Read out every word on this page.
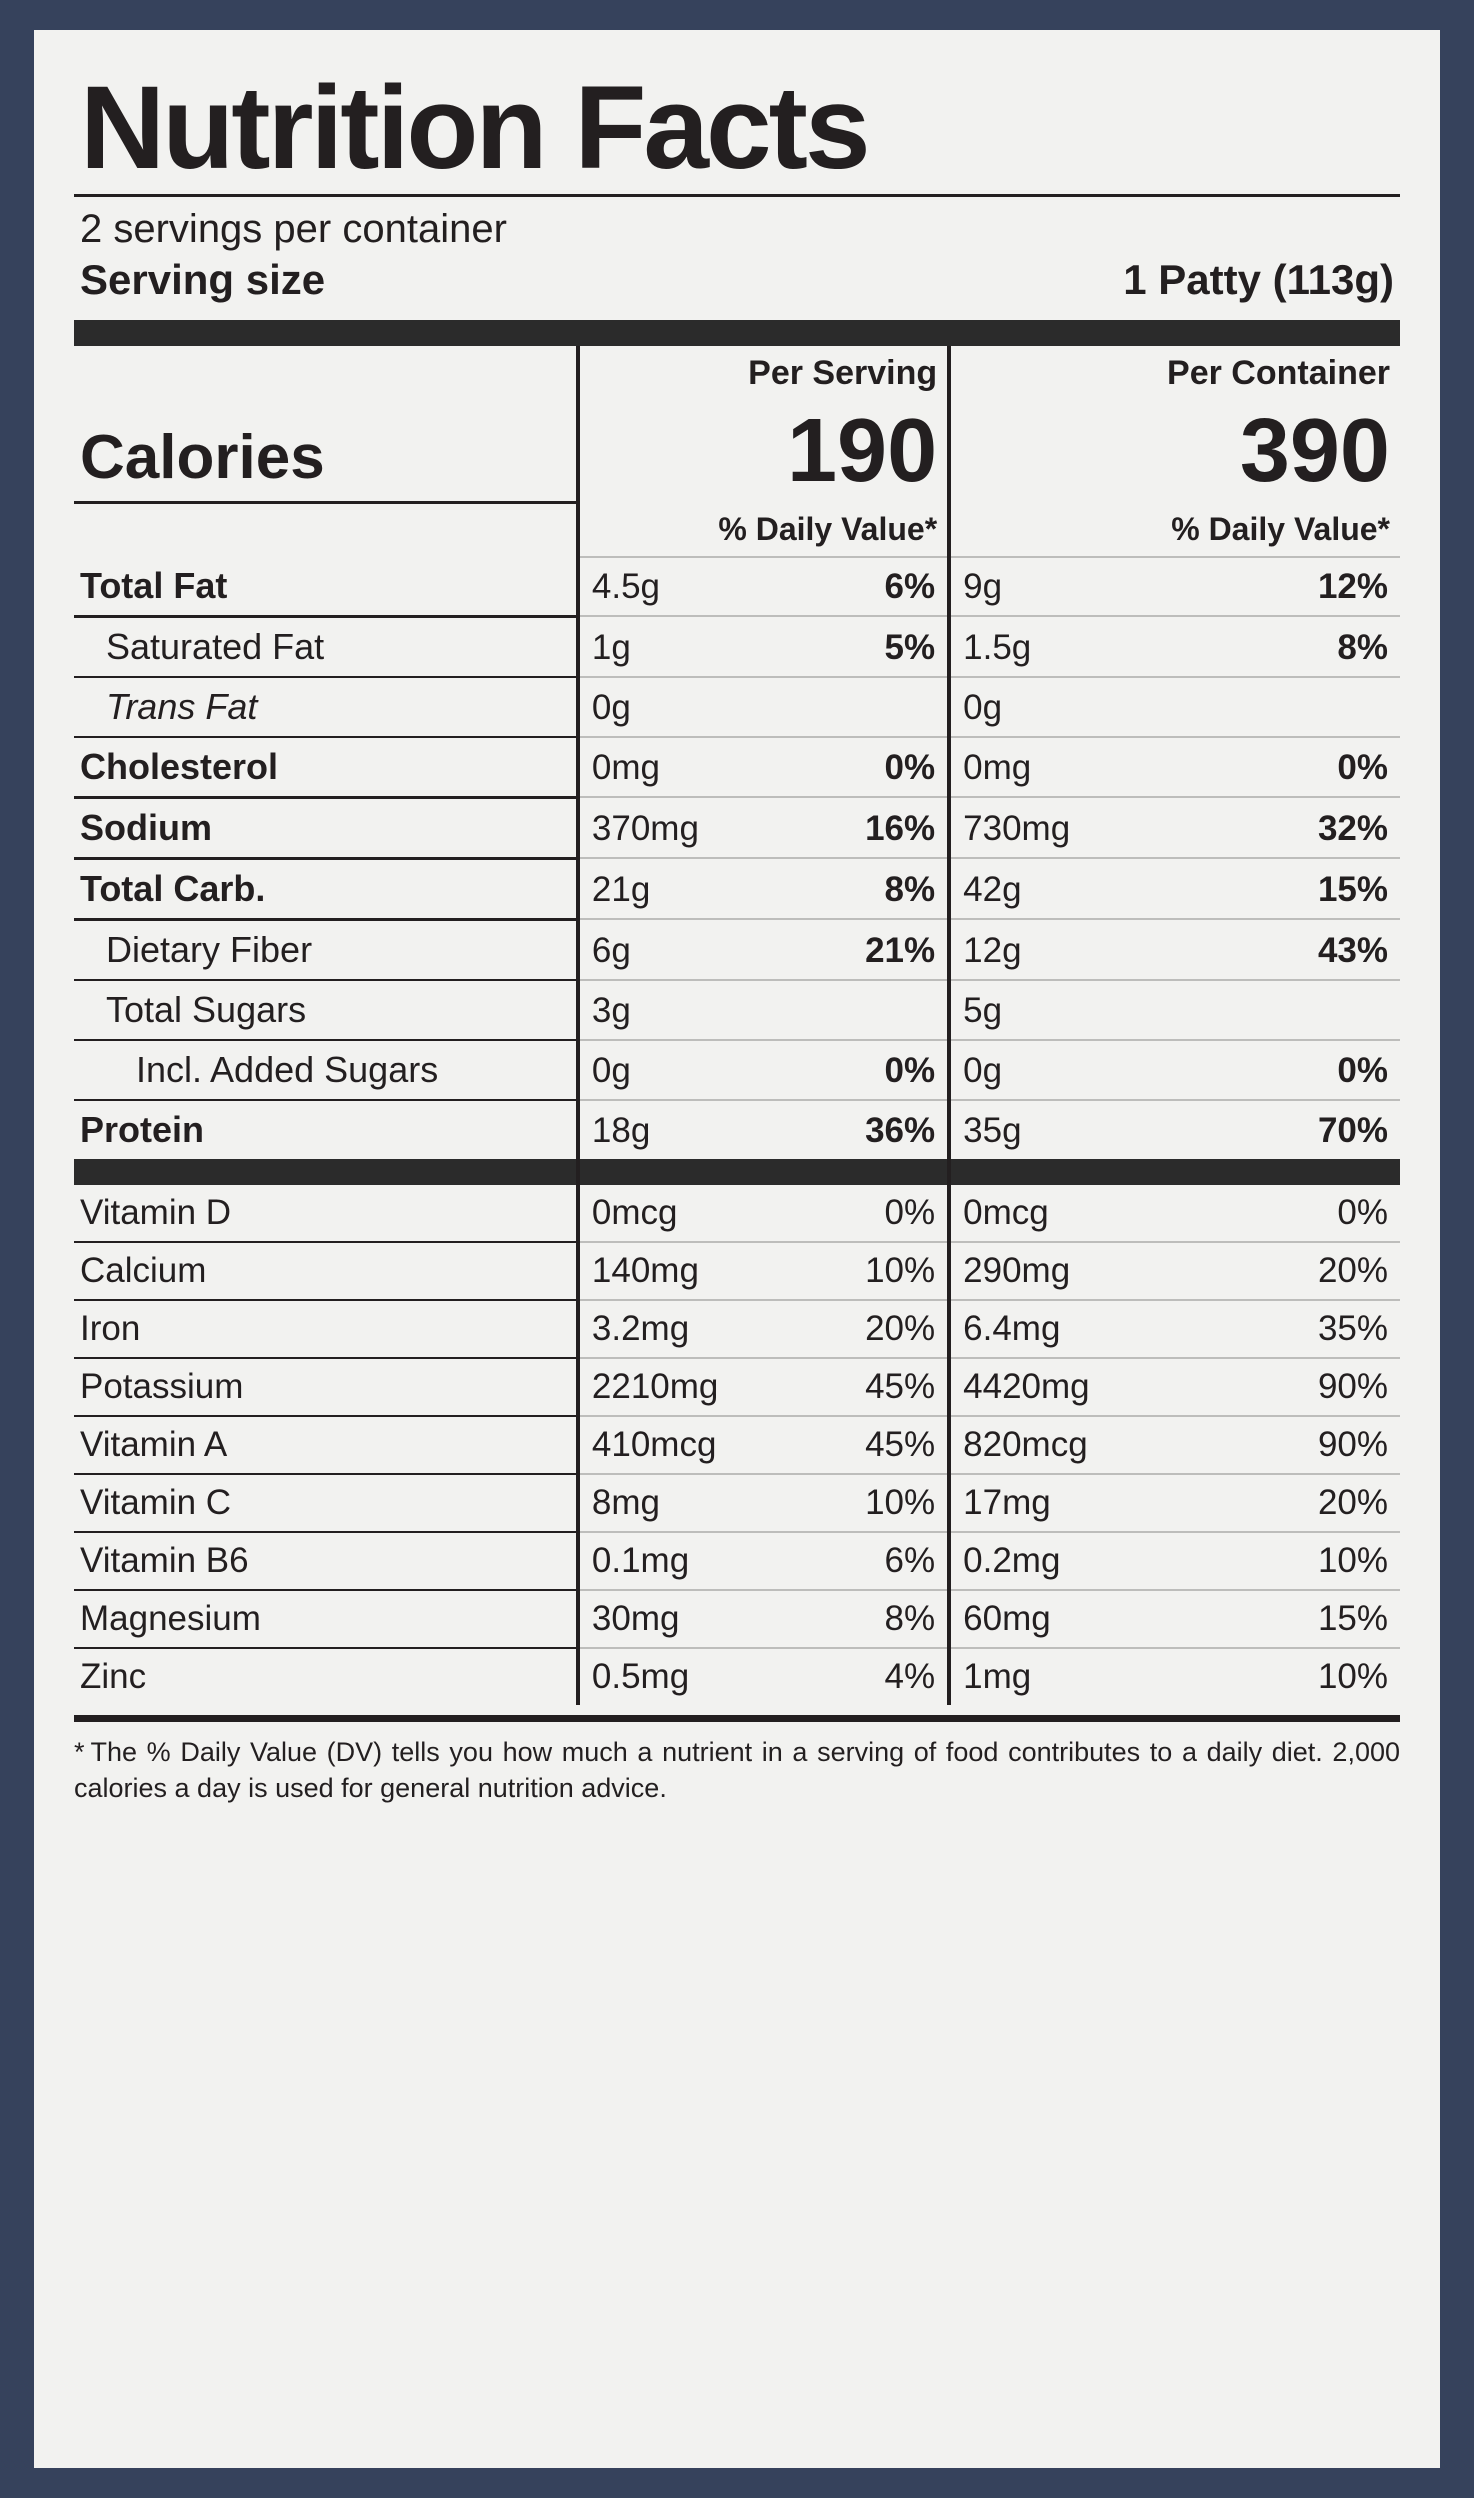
Nutrition Facts
2 servings per container
Serving size	1 Patty (113g)
	Per Serving		Per Container	
Calories	190		390	
	% Daily Value*		% Daily Value*	
Total Fat	4.5g	6%	9g	12%
Saturated Fat	1g	5%	1.5g	8%
Trans Fat	0g		0g	
Cholesterol	0mg	0%	0mg	0%
Sodium	370mg	16%	730mg	32%
Total Carb.	21g	8%	42g	15%
Dietary Fiber	6g	21%	12g	43%
Total Sugars	3g		5g	
Incl. Added Sugars	0g	0%	0g	0%
Protein	18g	36%	35g	70%

Vitamin D	0mcg	0%	0mcg	0%
Calcium	140mg	10%	290mg	20%
Iron	3.2mg	20%	6.4mg	35%
Potassium	2210mg	45%	4420mg	90%
Vitamin A	410mcg	45%	820mcg	90%
Vitamin C	8mg	10%	17mg	20%
Vitamin B6	0.1mg	6%	0.2mg	10%
Magnesium	30mg	8%	60mg	15%
Zinc	0.5mg	4%	1mg	10%
* The % Daily Value (DV) tells you how much a nutrient in a serving of food contributes to a daily diet. 2,000 calories a day is used for general nutrition advice.
